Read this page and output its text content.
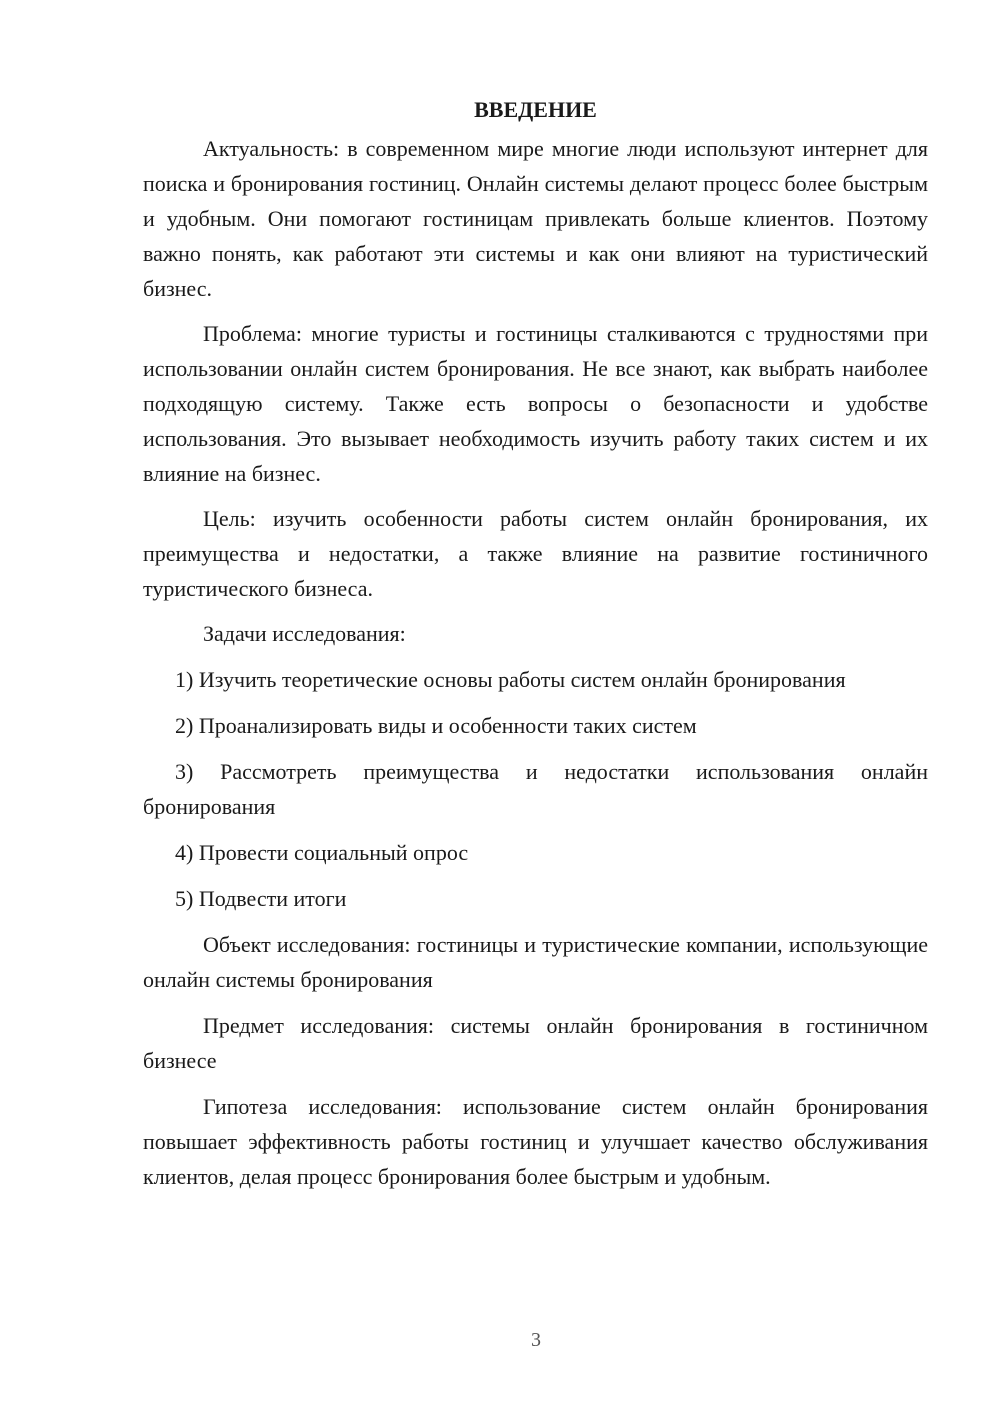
ВВЕДЕНИЕ

Актуальность: в современном мире многие люди используют интернет для поиска и бронирования гостиниц. Онлайн системы делают процесс более быстрым и удобным. Они помогают гостиницам привлекать больше клиентов. Поэтому важно понять, как работают эти системы и как они влияют на туристический бизнес.

Проблема: многие туристы и гостиницы сталкиваются с трудностями при использовании онлайн систем бронирования. Не все знают, как выбрать наиболее подходящую систему. Также есть вопросы о безопасности и удобстве использования. Это вызывает необходимость изучить работу таких систем и их влияние на бизнес.

Цель: изучить особенности работы систем онлайн бронирования, их преимущества и недостатки, а также влияние на развитие гостиничного туристического бизнеса.

Задачи исследования:

1) Изучить теоретические основы работы систем онлайн бронирования

2) Проанализировать виды и особенности таких систем

3) Рассмотреть преимущества и недостатки использования онлайн бронирования

4) Провести социальный опрос

5) Подвести итоги

Объект исследования: гостиницы и туристические компании, использующие онлайн системы бронирования

Предмет исследования: системы онлайн бронирования в гостиничном бизнесе

Гипотеза исследования: использование систем онлайн бронирования повышает эффективность работы гостиниц и улучшает качество обслуживания клиентов, делая процесс бронирования более быстрым и удобным.

3
